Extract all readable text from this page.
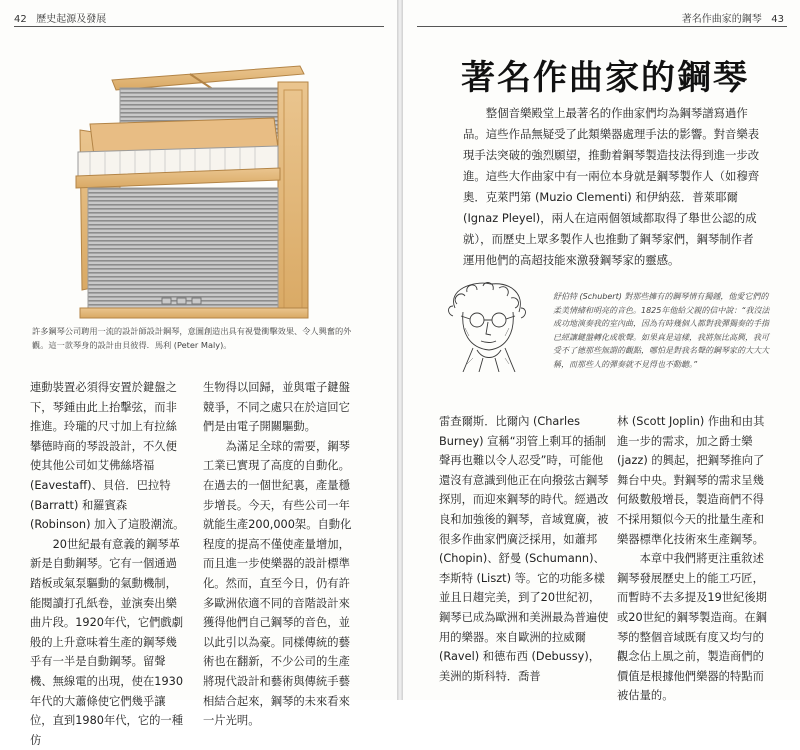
42 歷史起源及發展
許多鋼琴公司聘用一流的設計師設計鋼琴，意圖創造出具有視覺衝擊效果、令人興奮的外觀。這一款琴身的設計由貝彼得．馬利 (Peter Maly)。

連動裝置必須得安置於鍵盤之下，琴鍾由此上抬擊弦，而非推進。玲瓏的尺寸加上有拉絲攀德時商的琴設設計，不久便使其他公司如艾佛絲塔福 (Eavestaff)、貝倍．巴拉特 (Barratt) 和羅賓森 (Robinson) 加入了這股潮流。

20世紀最有意義的鋼琴革新是自動鋼琴。它有一個通過踏板或氣泵驅動的氣動機制，能閱讀打孔紙卷，並演奏出樂曲片段。1920年代，它們戲劇般的上升意味着生產的鋼琴幾乎有一半是自動鋼琴。留聲機、無線電的出現，使在1930年代的大蕭條使它們幾乎讓位，直到1980年代，它的一種仿

生物得以回歸，並與電子鍵盤競爭，不同之處只在於這回它們是由電子開關驅動。

為滿足全球的需要，鋼琴工業已實現了高度的自動化。在過去的一個世紀裏，產量穩步增長。今天，有些公司一年就能生產200,000架。自動化程度的提高不僅使產量增加，而且進一步使樂器的設計標準化。然而，直至今日，仍有許多歐洲依適不同的音階設計來獲得他們自己鋼琴的音色，並以此引以為豪。同樣傳統的藝術也在翻新，不少公司的生產將現代設計和藝術與傳統手藝相結合起來，鋼琴的未來看來一片光明。

著名作曲家的鋼琴 43
著名作曲家的鋼琴

整個音樂殿堂上最著名的作曲家們均為鋼琴譜寫過作品。這些作品無疑受了此類樂器處理手法的影響。對音樂表現手法突破的強烈願望，推動着鋼琴製造技法得到進一步改進。這些大作曲家中有一兩位本身就是鋼琴製作人（如穆齊奧．克萊門第 (Muzio Clementi) 和伊納茲．普萊耶爾 (Ignaz Pleyel)，兩人在這兩個領域都取得了舉世公認的成就），而歷史上眾多製作人也推動了鋼琴家們，鋼琴制作者運用他們的高超技能來激發鋼琴家的靈感。

舒伯特 (Schubert) 對那些擁有的鋼琴情有獨鍾，他愛它們的柔美情緒和明亮的音色。1825年他給父親的信中說：“我沒法成功地演奏我的室內曲，因為有時幾個人都對我彈獨奏的手指已經讓鍵盤轉化成歌聲。如果真是這樣，我將無比高興，我可受不了德那些無謂的觀點，哪怕是對我名聲的鋼琴家的大大大稱，而那些人的彈奏就不見得也不動聽。”

雷查爾斯．比爾內 (Charles Burney) 宣稱“羽管上剩耳的插制聲再也難以令人忍受”時，可能他還沒有意識到他正在向撥弦古鋼琴探別，而迎來鋼琴的時代。經過改良和加強後的鋼琴，音域寬廣，被很多作曲家們廣泛採用，如蕭邦 (Chopin)、舒曼 (Schumann)、李斯特 (Liszt) 等。它的功能多樣並且日趨完美，到了20世紀初，鋼琴已成為歐洲和美洲最為普遍使用的樂器。來自歐洲的拉威爾 (Ravel) 和德布西 (Debussy)，美洲的斯科特．喬普

林 (Scott Joplin) 作曲和由其進一步的需求，加之爵士樂 (jazz) 的興起，把鋼琴推向了舞台中央。對鋼琴的需求呈幾何級數般增長，製造商們不得不採用類似今天的批量生產和樂器標準化技術來生產鋼琴。

本章中我們將更注重敘述鋼琴發展歷史上的能工巧匠，而暫時不去多提及19世紀後期或20世紀的鋼琴製造商。在鋼琴的整個音域既有度又均勻的觀念佔上風之前，製造商們的價值是根據他們樂器的特點而被估量的。
